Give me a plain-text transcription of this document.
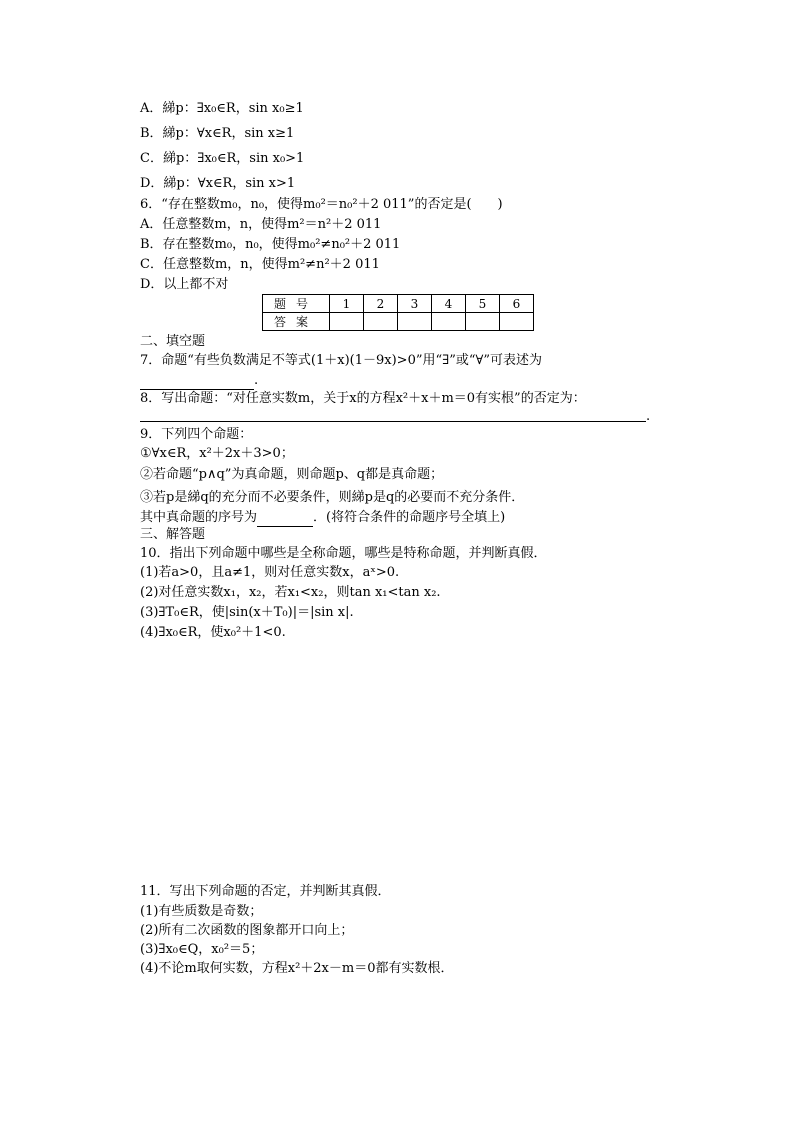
A．綈p：∃x₀∈R，sin x₀≥1
B．綈p：∀x∈R，sin x≥1
C．綈p：∃x₀∈R，sin x₀>1
D．綈p：∀x∈R，sin x>1
6．“存在整数m₀，n₀，使得m₀²＝n₀²＋2 011”的否定是(　　)
A．任意整数m，n，使得m²＝n²＋2 011
B．存在整数m₀，n₀，使得m₀²≠n₀²＋2 011
C．任意整数m，n，使得m²≠n²＋2 011
D．以上都不对
题号	1	2	3	4	5	6
答案						
二、填空题
7．命题“有些负数满足不等式(1＋x)(1－9x)>0”用“∃”或“∀”可表述为
.
8．写出命题：“对任意实数m，关于x的方程x²＋x＋m＝0有实根”的否定为：
.
9．下列四个命题：
①∀x∈R，x²＋2x＋3>0；
②若命题“p∧q”为真命题，则命题p、q都是真命题；
③若p是綈q的充分而不必要条件，则綈p是q的必要而不充分条件．
其中真命题的序号为	．(将符合条件的命题序号全填上)
三、解答题
10．指出下列命题中哪些是全称命题，哪些是特称命题，并判断真假．
(1)若a>0，且a≠1，则对任意实数x，aˣ>0.
(2)对任意实数x₁，x₂，若x₁<x₂，则tan x₁<tan x₂.
(3)∃T₀∈R，使|sin(x＋T₀)|＝|sin x|.
(4)∃x₀∈R，使x₀²＋1<0.
11．写出下列命题的否定，并判断其真假．
(1)有些质数是奇数；
(2)所有二次函数的图象都开口向上；
(3)∃x₀∈Q，x₀²＝5；
(4)不论m取何实数，方程x²＋2x－m＝0都有实数根．
